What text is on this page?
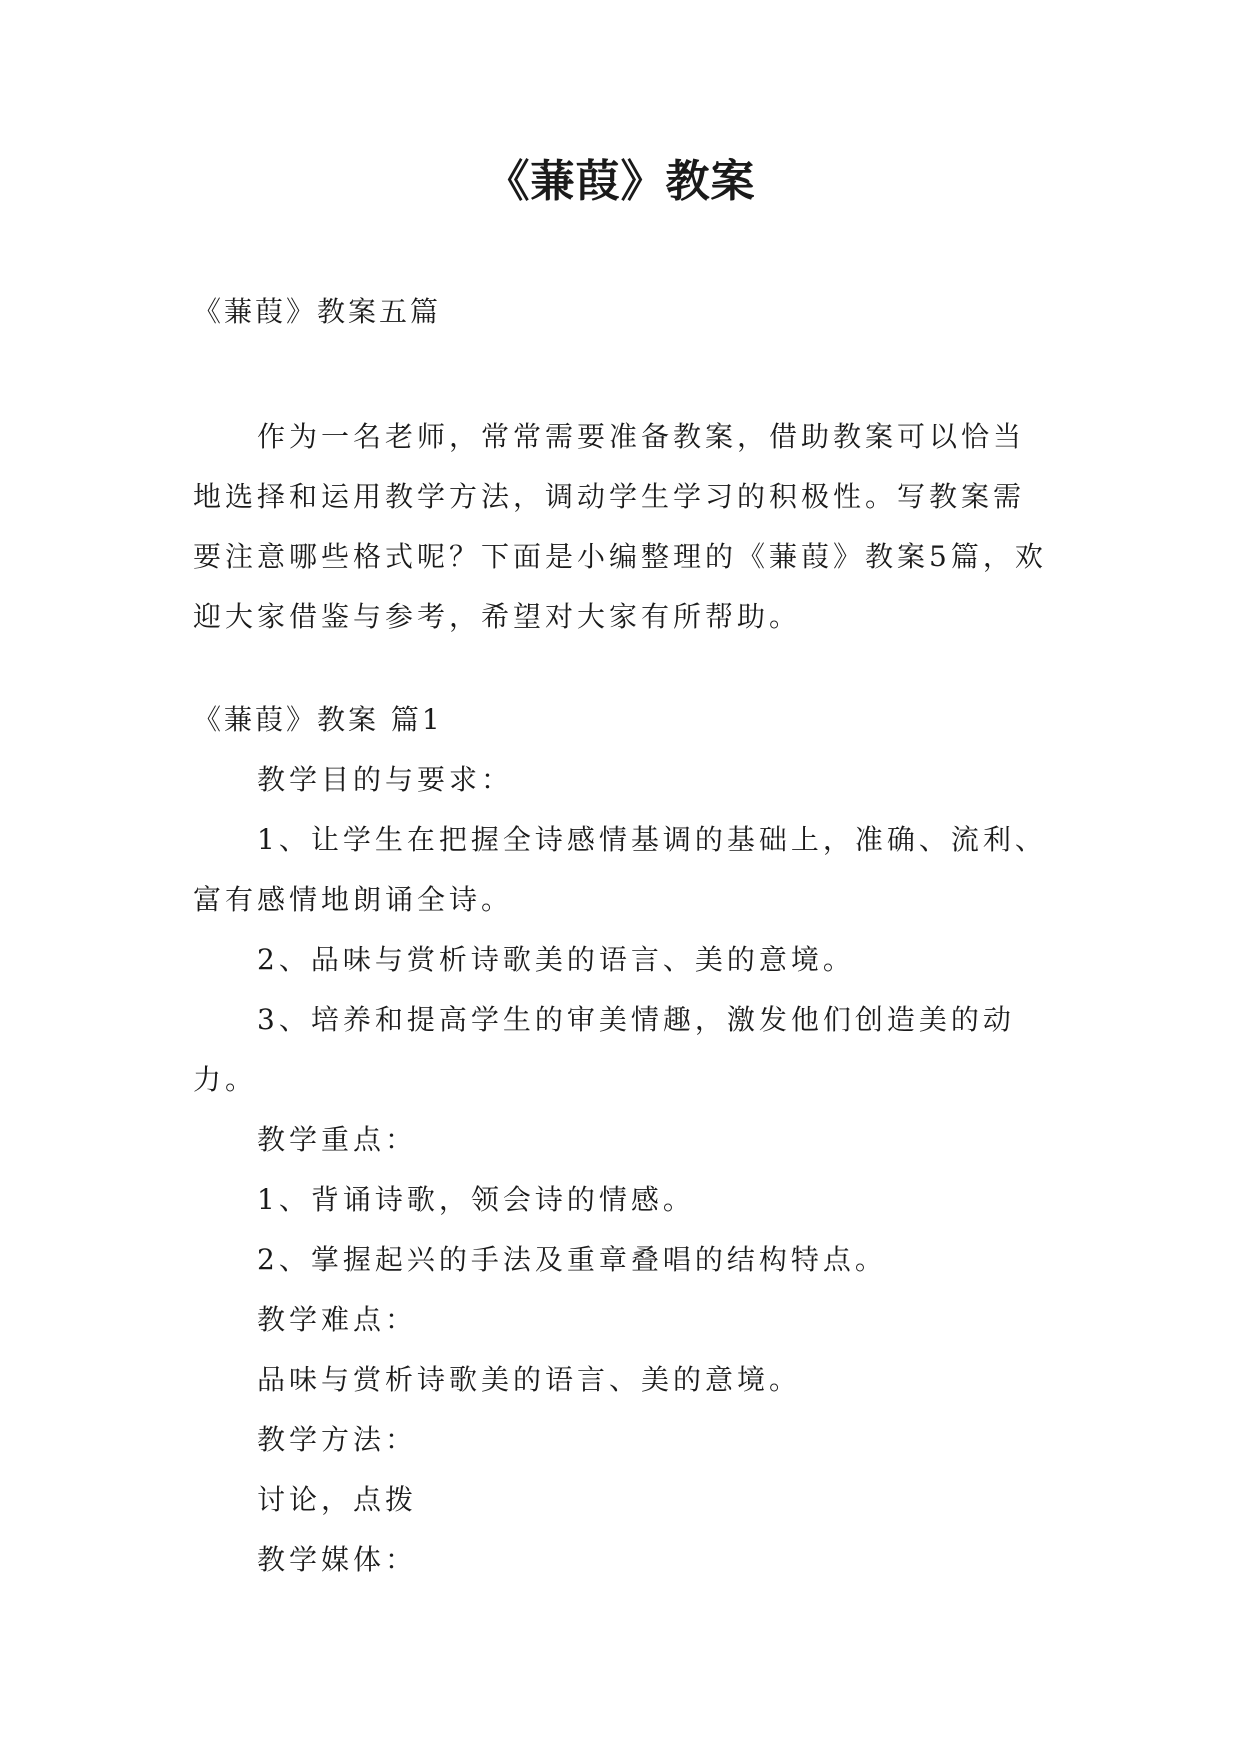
《蒹葭》教案

《蒹葭》教案五篇

作为一名老师，常常需要准备教案，借助教案可以恰当地选择和运用教学方法，调动学生学习的积极性。写教案需要注意哪些格式呢？下面是小编整理的《蒹葭》教案5篇，欢迎大家借鉴与参考，希望对大家有所帮助。

《蒹葭》教案 篇1

教学目的与要求：

1、让学生在把握全诗感情基调的基础上，准确、流利、富有感情地朗诵全诗。

2、品味与赏析诗歌美的语言、美的意境。

3、培养和提高学生的审美情趣，激发他们创造美的动力。

教学重点：

1、背诵诗歌，领会诗的情感。

2、掌握起兴的手法及重章叠唱的结构特点。

教学难点：

品味与赏析诗歌美的语言、美的意境。

教学方法：

讨论，点拨

教学媒体：
